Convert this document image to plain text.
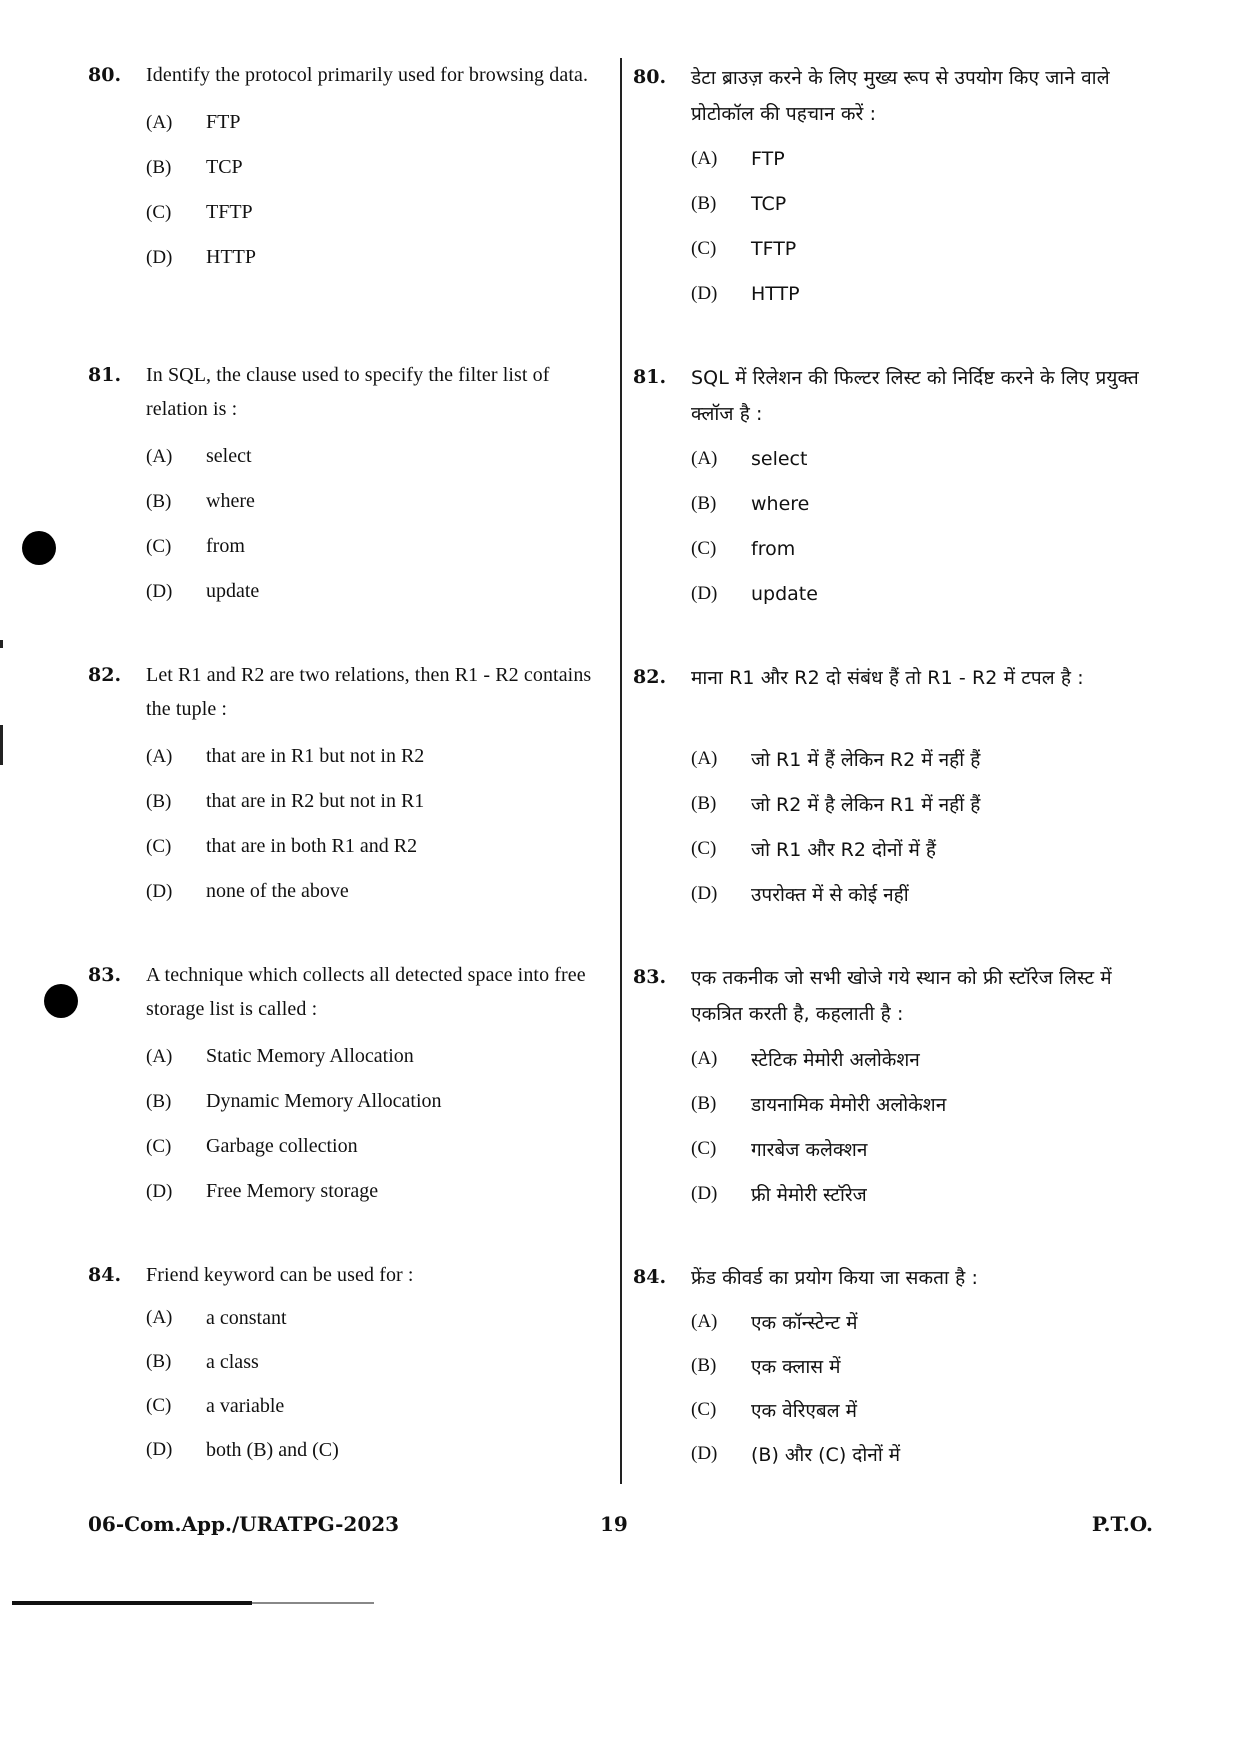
80.	Identify the protocol primarily used for browsing data.
(A)	FTP
(B)	TCP
(C)	TFTP
(D)	HTTP
81.	In SQL, the clause used to specify the filter list of relation is :
(A)	select
(B)	where
(C)	from
(D)	update
82.	Let R1 and R2 are two relations, then R1 - R2 contains the tuple :
(A)	that are in R1 but not in R2
(B)	that are in R2 but not in R1
(C)	that are in both R1 and R2
(D)	none of the above
83.	A technique which collects all detected space into free storage list is called :
(A)	Static Memory Allocation
(B)	Dynamic Memory Allocation
(C)	Garbage collection
(D)	Free Memory storage
84.	Friend keyword can be used for :
(A)	a constant
(B)	a class
(C)	a variable
(D)	both (B) and (C)
80.	डेटा ब्राउज़ करने के लिए मुख्य रूप से उपयोग किए जाने वाले प्रोटोकॉल की पहचान करें :
(A)	FTP
(B)	TCP
(C)	TFTP
(D)	HTTP
81.	SQL में रिलेशन की फिल्टर लिस्ट को निर्दिष्ट करने के लिए प्रयुक्त क्लॉज है :
(A)	select
(B)	where
(C)	from
(D)	update
82.	माना R1 और R2 दो संबंध हैं तो R1 - R2 में टपल है :
(A)	जो R1 में हैं लेकिन R2 में नहीं हैं
(B)	जो R2 में है लेकिन R1 में नहीं हैं
(C)	जो R1 और R2 दोनों में हैं
(D)	उपरोक्त में से कोई नहीं
83.	एक तकनीक जो सभी खोजे गये स्थान को फ्री स्टॉरेज लिस्ट में एकत्रित करती है, कहलाती है :
(A)	स्टेटिक मेमोरी अलोकेशन
(B)	डायनामिक मेमोरी अलोकेशन
(C)	गारबेज कलेक्शन
(D)	फ्री मेमोरी स्टॉरेज
84.	फ्रेंड कीवर्ड का प्रयोग किया जा सकता है :
(A)	एक कॉन्स्टेन्ट में
(B)	एक क्लास में
(C)	एक वेरिएबल में
(D)	(B) और (C) दोनों में
06-Com.App./URATPG-2023	19	P.T.O.
